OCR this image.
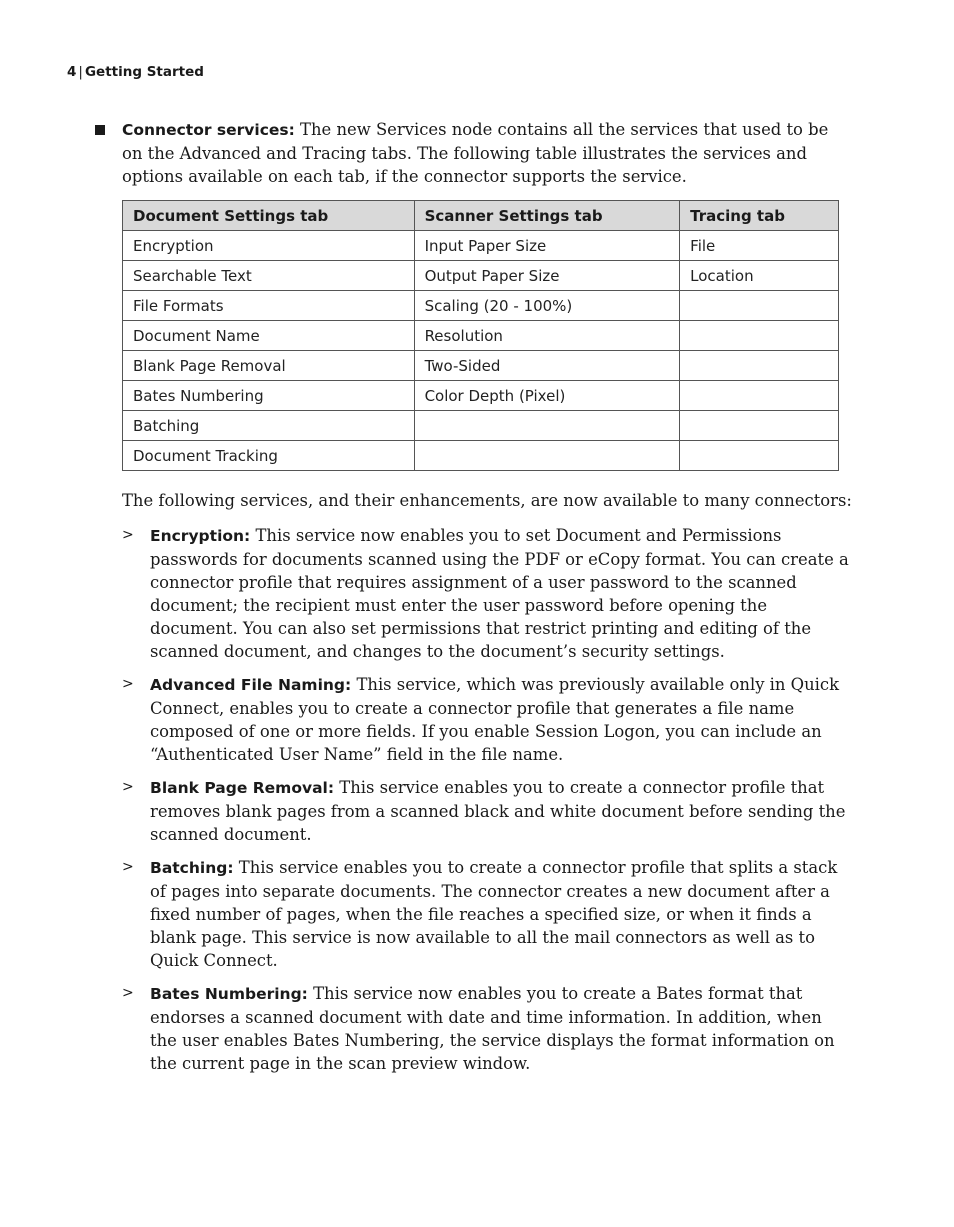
4 | Getting Started

Connector services: The new Services node contains all the services that used to be on the Advanced and Tracing tabs. The following table illustrates the services and options available on each tab, if the connector supports the service.

Document Settings tab	Scanner Settings tab	Tracing tab
Encryption	Input Paper Size	File
Searchable Text	Output Paper Size	Location
File Formats	Scaling (20 - 100%)	
Document Name	Resolution	
Blank Page Removal	Two-Sided	
Bates Numbering	Color Depth (Pixel)	
Batching		
Document Tracking		

The following services, and their enhancements, are now available to many connectors:

> Encryption: This service now enables you to set Document and Permissions passwords for documents scanned using the PDF or eCopy format. You can create a connector profile that requires assignment of a user password to the scanned document; the recipient must enter the user password before opening the document. You can also set permissions that restrict printing and editing of the scanned document, and changes to the document’s security settings.
> Advanced File Naming: This service, which was previously available only in Quick Connect, enables you to create a connector profile that generates a file name composed of one or more fields. If you enable Session Logon, you can include an “Authenticated User Name” field in the file name.
> Blank Page Removal: This service enables you to create a connector profile that removes blank pages from a scanned black and white document before sending the scanned document.
> Batching: This service enables you to create a connector profile that splits a stack of pages into separate documents. The connector creates a new document after a fixed number of pages, when the file reaches a specified size, or when it finds a blank page. This service is now available to all the mail connectors as well as to Quick Connect.
> Bates Numbering: This service now enables you to create a Bates format that endorses a scanned document with date and time information. In addition, when the user enables Bates Numbering, the service displays the format information on the current page in the scan preview window.
